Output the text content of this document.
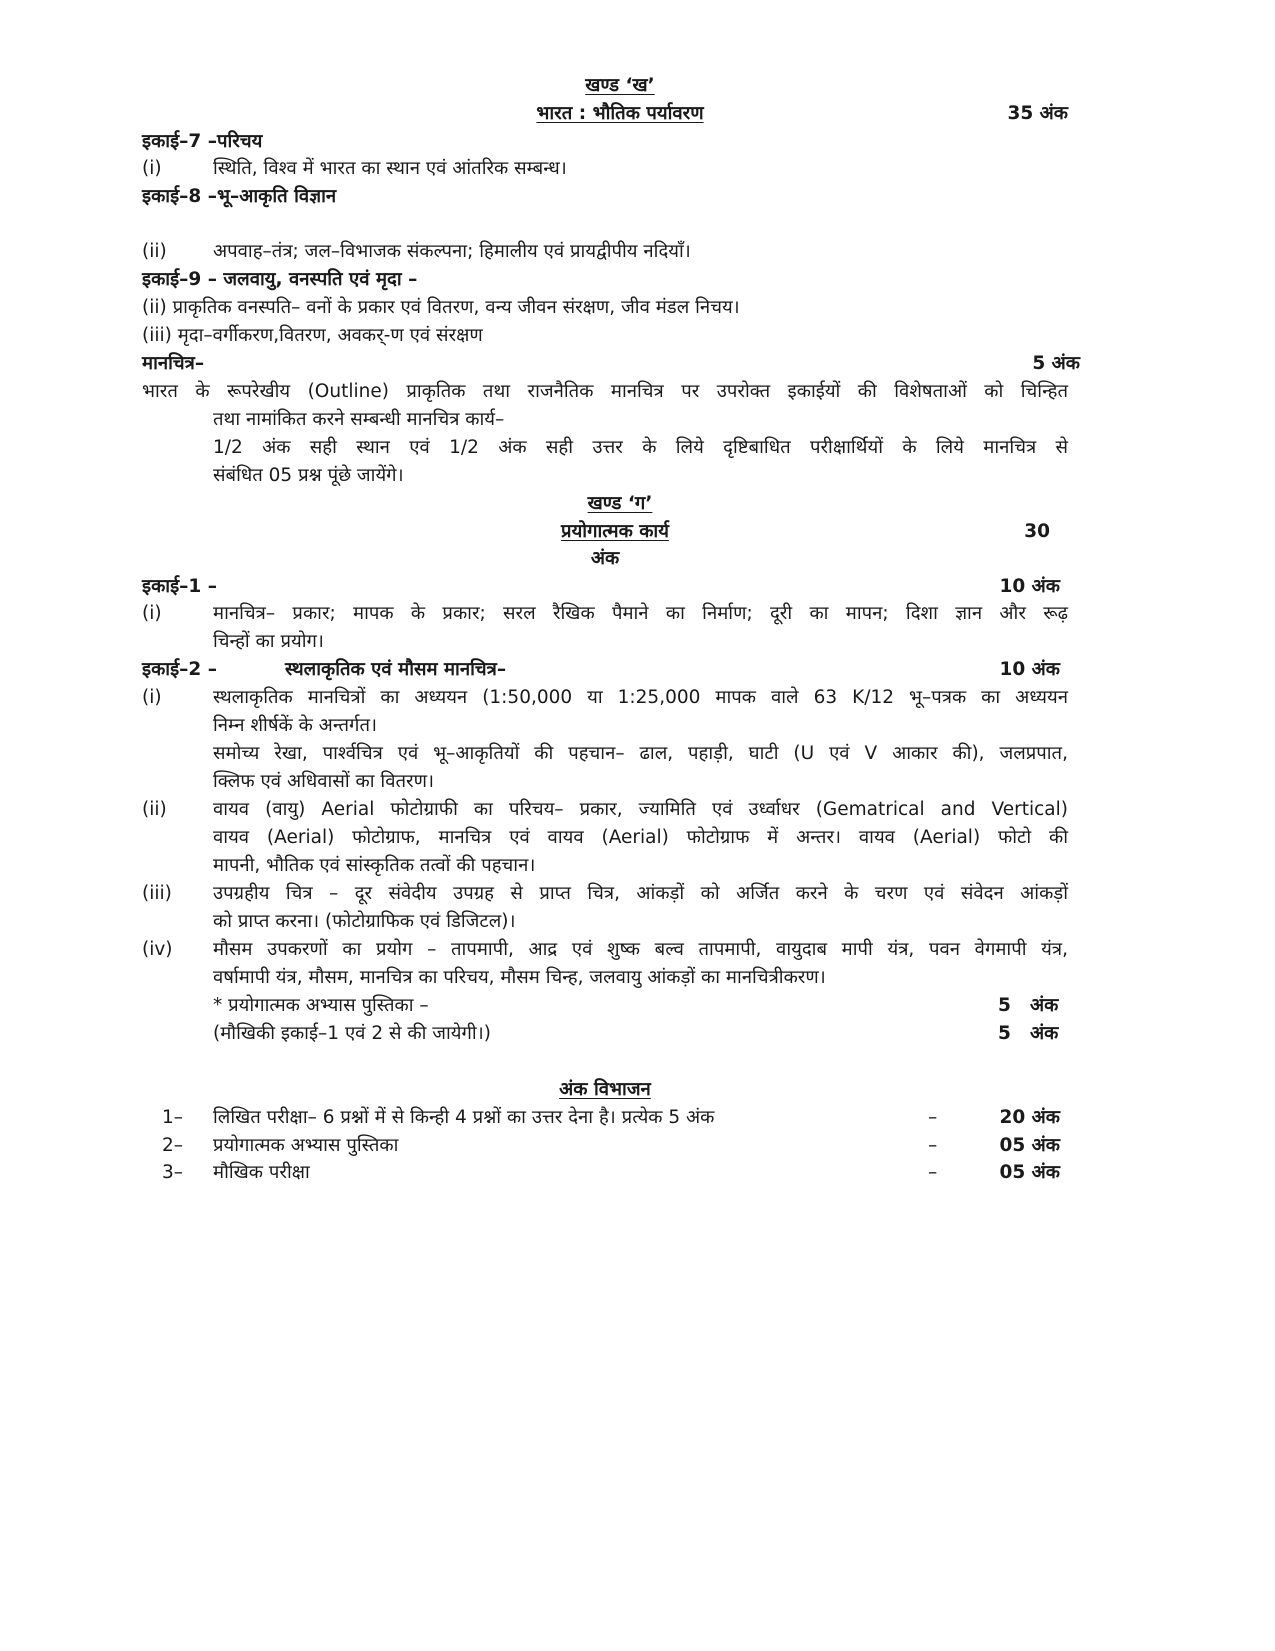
खण्ड ‘ख’
भारत : भौतिक पर्यावरण	35 अंक
इकाई–7 –परिचय
(i)	स्थिति, विश्व में भारत का स्थान एवं आंतरिक सम्बन्ध।
इकाई–8 –भू–आकृति विज्ञान
(ii)	अपवाह–तंत्र; जल–विभाजक संकल्पना; हिमालीय एवं प्रायद्वीपीय नदियाँ।
इकाई–9 – जलवायु, वनस्पति एवं मृदा –
(ii) प्राकृतिक वनस्पति– वनों के प्रकार एवं वितरण, वन्य जीवन संरक्षण, जीव मंडल निचय।
(iii) मृदा–वर्गीकरण,वितरण, अवकर्-ण एवं संरक्षण
मानचित्र–	5 अंक
भारत के रूपरेखीय (Outline) प्राकृतिक तथा राजनैतिक मानचित्र पर उपरोक्त इकाईयों की विशेषताओं को चिन्हित
तथा नामांकित करने सम्बन्धी मानचित्र कार्य–
1/2 अंक सही स्थान एवं 1/2 अंक सही उत्तर के लिये दृष्टिबाधित परीक्षार्थियों के लिये मानचित्र से
संबंधित 05 प्रश्न पूंछे जायेंगे।
खण्ड ‘ग’
प्रयोगात्मक कार्य	30
अंक
इकाई–1 –	10 अंक
(i)	मानचित्र– प्रकार; मापक के प्रकार; सरल रैखिक पैमाने का निर्माण; दूरी का मापन; दिशा ज्ञान और रूढ़
चिन्हों का प्रयोग।
इकाई–2 –	स्थलाकृतिक एवं मौसम मानचित्र–	10 अंक
(i)	स्थलाकृतिक मानचित्रों का अध्ययन (1:50,000 या 1:25,000 मापक वाले 63 K/12 भू–पत्रक का अध्ययन
निम्न शीर्षकें के अन्तर्गत।
समोच्य रेखा, पार्श्वचित्र एवं भू–आकृतियों की पहचान– ढाल, पहाड़ी, घाटी (U एवं V आकार की), जलप्रपात,
क्लिफ एवं अधिवासों का वितरण।
(ii)	वायव (वायु) Aerial फोटोग्राफी का परिचय– प्रकार, ज्यामिति एवं उर्ध्वाधर (Gematrical and Vertical)
वायव (Aerial) फोटोग्राफ, मानचित्र एवं वायव (Aerial) फोटोग्राफ में अन्तर। वायव (Aerial) फोटो की
मापनी, भौतिक एवं सांस्कृतिक तत्वों की पहचान।
(iii) उपग्रहीय चित्र – दूर संवेदीय उपग्रह से प्राप्त चित्र, आंकड़ों को अर्जित करने के चरण एवं संवेदन आंकड़ों
को प्राप्त करना। (फोटोग्राफिक एवं डिजिटल)।
(iv) मौसम उपकरणों का प्रयोग – तापमापी, आद्र एवं शुष्क बल्व तापमापी, वायुदाब मापी यंत्र, पवन वेगमापी यंत्र,
वर्षामापी यंत्र, मौसम, मानचित्र का परिचय, मौसम चिन्ह, जलवायु आंकड़ों का मानचित्रीकरण।
* प्रयोगात्मक अभ्यास पुस्तिका –	5 अंक
(मौखिकी इकाई–1 एवं 2 से की जायेगी।)	5 अंक
अंक विभाजन
1– लिखित परीक्षा– 6 प्रश्नों में से किन्ही 4 प्रश्नों का उत्तर देना है। प्रत्येक 5 अंक	–	20 अंक
2– प्रयोगात्मक अभ्यास पुस्तिका	–	05 अंक
3– मौखिक परीक्षा	–	05 अंक
